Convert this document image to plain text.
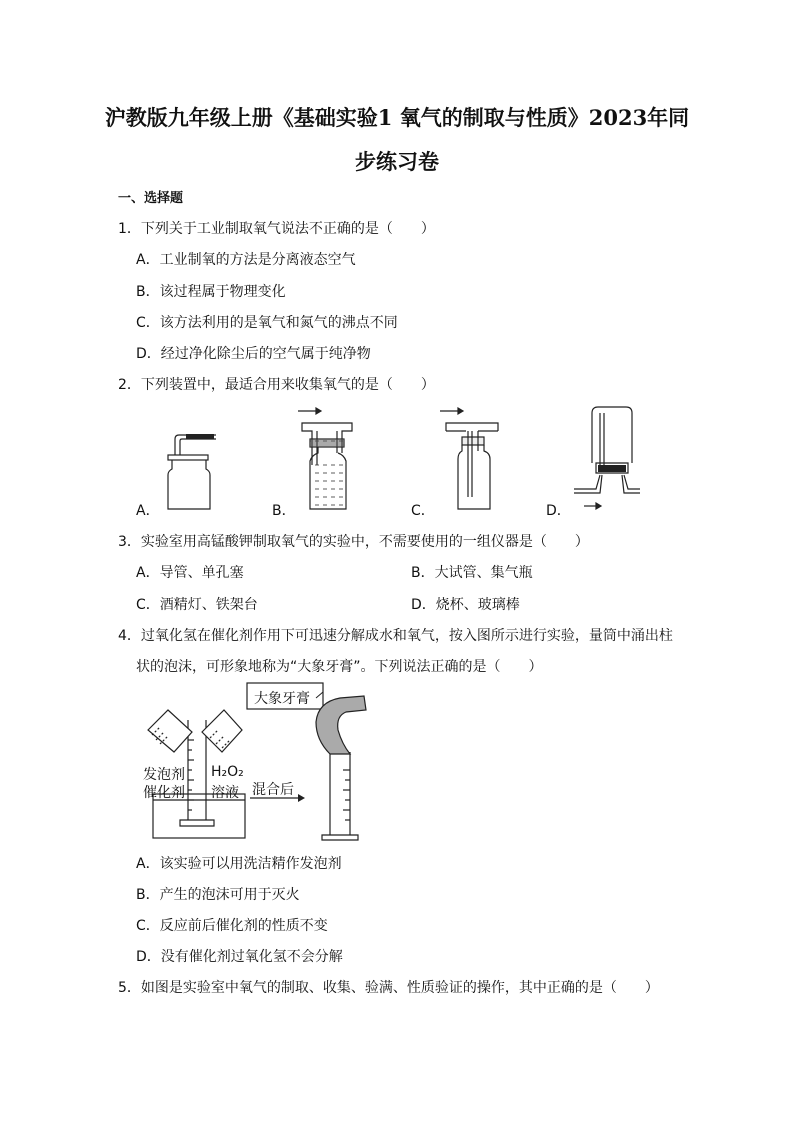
沪教版九年级上册《基础实验1 氧气的制取与性质》2023年同
步练习卷
一、选择题
1．下列关于工业制取氧气说法不正确的是（　　）
A．工业制氧的方法是分离液态空气
B．该过程属于物理变化
C．该方法利用的是氧气和氮气的沸点不同
D．经过净化除尘后的空气属于纯净物
2．下列装置中，最适合用来收集氧气的是（　　）
A．	B．	C．	D．
3．实验室用高锰酸钾制取氧气的实验中，不需要使用的一组仪器是（　　）
A．导管、单孔塞	B．大试管、集气瓶
C．酒精灯、铁架台	D．烧杯、玻璃棒
4．过氧化氢在催化剂作用下可迅速分解成水和氧气，按入图所示进行实验，量筒中涌出柱
状的泡沫，可形象地称为“大象牙膏”。下列说法正确的是（　　）
大象牙膏
发泡剂
催化剂
H₂O₂
溶液 混合后
A．该实验可以用洗洁精作发泡剂
B．产生的泡沫可用于灭火
C．反应前后催化剂的性质不变
D．没有催化剂过氧化氢不会分解
5．如图是实验室中氧气的制取、收集、验满、性质验证的操作，其中正确的是（　　）
